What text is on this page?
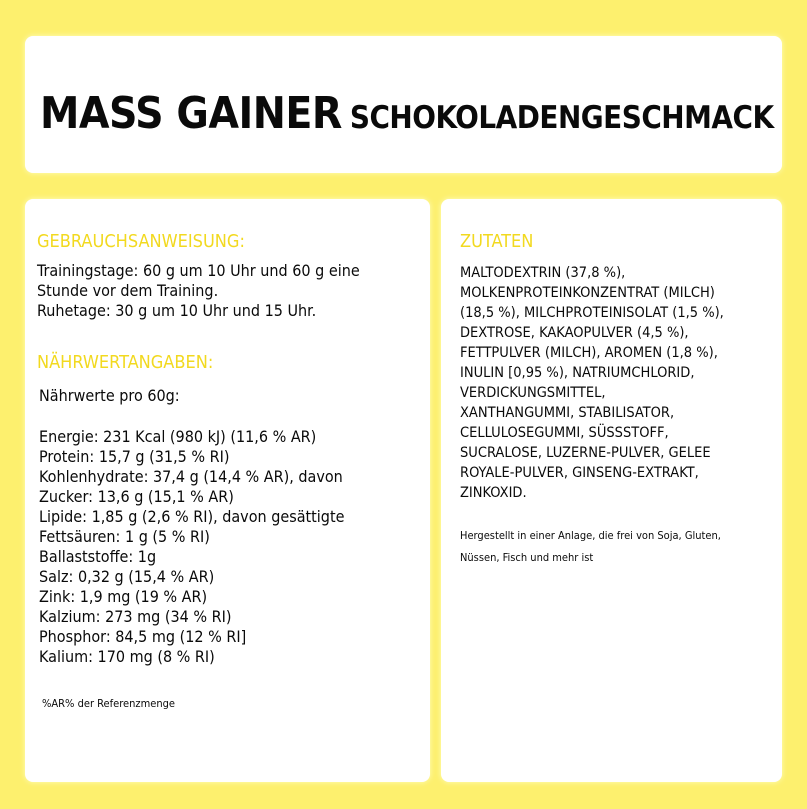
MASS GAINER SCHOKOLADENGESCHMACK
GEBRAUCHSANWEISUNG:
Trainingstage: 60 g um 10 Uhr und 60 g eine
Stunde vor dem Training.
Ruhetage: 30 g um 10 Uhr und 15 Uhr.
NÄHRWERTANGABEN:
Nährwerte pro 60g:
Energie: 231 Kcal (980 kJ) (11,6 % AR)
Protein: 15,7 g (31,5 % RI)
Kohlenhydrate: 37,4 g (14,4 % AR), davon
Zucker: 13,6 g (15,1 % AR)
Lipide: 1,85 g (2,6 % RI), davon gesättigte
Fettsäuren: 1 g (5 % RI)
Ballaststoffe: 1g
Salz: 0,32 g (15,4 % AR)
Zink: 1,9 mg (19 % AR)
Kalzium: 273 mg (34 % RI)
Phosphor: 84,5 mg (12 % RI]
Kalium: 170 mg (8 % RI)
%AR% der Referenzmenge
ZUTATEN
MALTODEXTRIN (37,8 %),
MOLKENPROTEINKONZENTRAT (MILCH)
(18,5 %), MILCHPROTEINISOLAT (1,5 %),
DEXTROSE, KAKAOPULVER (4,5 %),
FETTPULVER (MILCH), AROMEN (1,8 %),
INULIN [0,95 %), NATRIUMCHLORID,
VERDICKUNGSMITTEL,
XANTHANGUMMI, STABILISATOR,
CELLULOSEGUMMI, SÜSSSTOFF,
SUCRALOSE, LUZERNE-PULVER, GELEE
ROYALE-PULVER, GINSENG-EXTRAKT,
ZINKOXID.
Hergestellt in einer Anlage, die frei von Soja, Gluten,
Nüssen, Fisch und mehr ist
